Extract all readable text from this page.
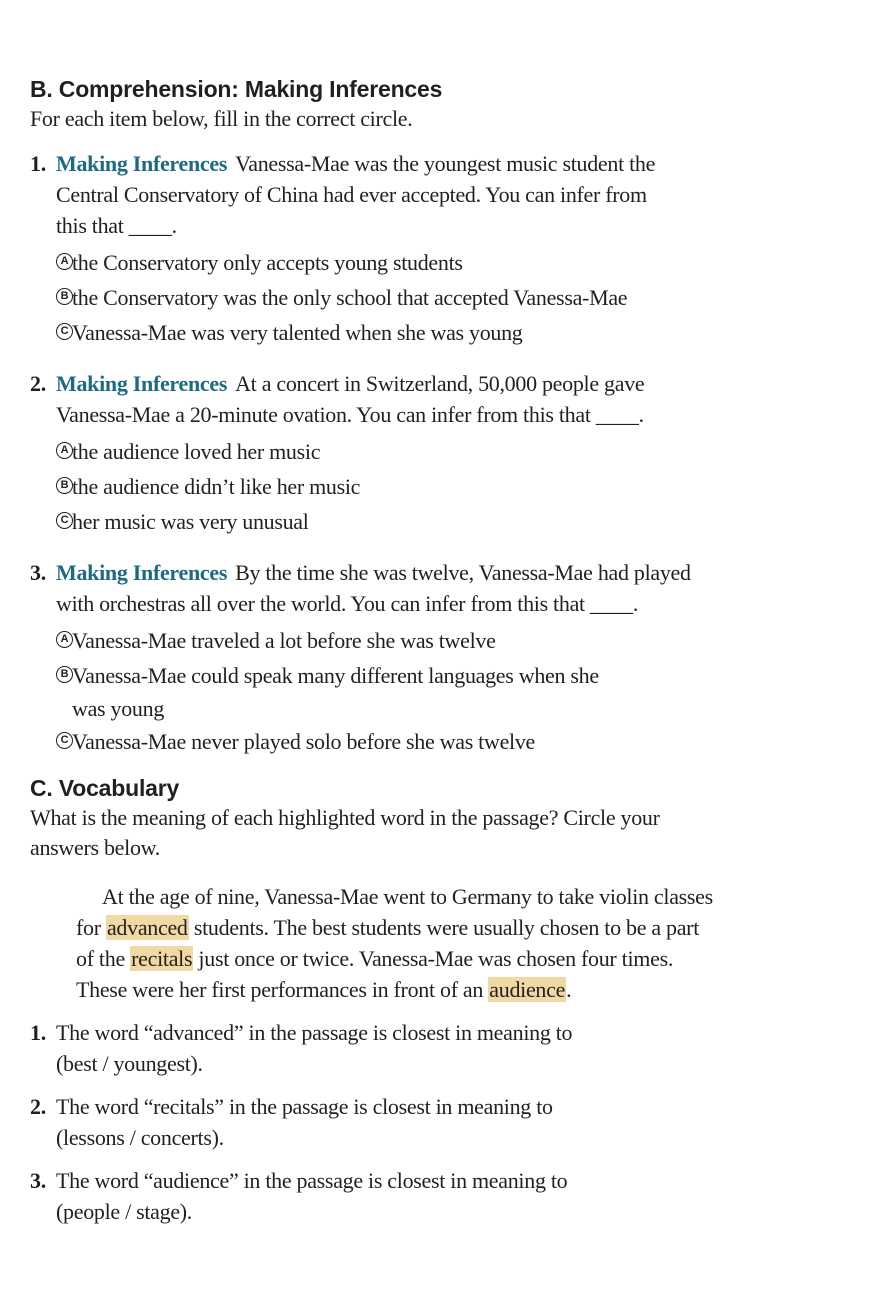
B. Comprehension: Making Inferences

For each item below, fill in the correct circle.

1. Making Inferences Vanessa-Mae was the youngest music student the
Central Conservatory of China had ever accepted. You can infer from
this that ____.
A the Conservatory only accepts young students
B the Conservatory was the only school that accepted Vanessa-Mae
C Vanessa-Mae was very talented when she was young
2. Making Inferences At a concert in Switzerland, 50,000 people gave
Vanessa-Mae a 20-minute ovation. You can infer from this that ____.
A the audience loved her music
B the audience didn’t like her music
C her music was very unusual
3. Making Inferences By the time she was twelve, Vanessa-Mae had played
with orchestras all over the world. You can infer from this that ____.
A Vanessa-Mae traveled a lot before she was twelve
B Vanessa-Mae could speak many different languages when she
was young
C Vanessa-Mae never played solo before she was twelve
C. Vocabulary

What is the meaning of each highlighted word in the passage? Circle your
answers below.

At the age of nine, Vanessa-Mae went to Germany to take violin classes
for advanced students. The best students were usually chosen to be a part
of the recitals just once or twice. Vanessa-Mae was chosen four times.
These were her first performances in front of an audience.
1. The word “advanced” in the passage is closest in meaning to
(best / youngest).
2. The word “recitals” in the passage is closest in meaning to
(lessons / concerts).
3. The word “audience” in the passage is closest in meaning to
(people / stage).
